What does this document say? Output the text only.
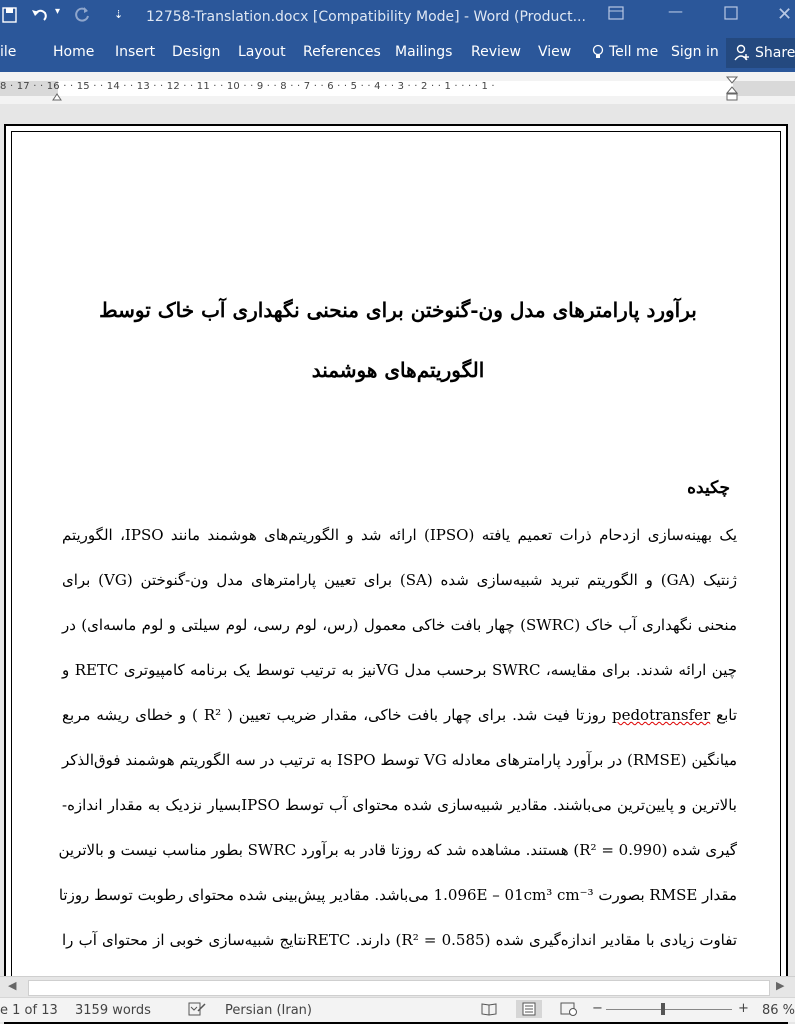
▾	⇣ 12758-Translation.docx [Compatibility Mode] - Word (Product...	—	✕
ile	Home Insert Design Layout References Mailings Review View	Tell me Sign in	Share
8 · 17 · · 16 · · 15 · · 14 · · 13 · · 12 · · 11 · · 10 · · 9 · · 8 · · 7 · · 6 · · 5 · · 4 · · 3 · · 2 · · 1 · · · · 1 ·
برآورد پارامترهای مدل ون-گنوختن برای منحنی نگهداری آب خاک توسط
الگوریتم‌های هوشمند
چکیده
یک بهینه‌سازی ازدحام ذرات تعمیم یافته (IPSO) ارائه شد و الگوریتم‌های هوشمند مانند IPSO، الگوریتم
ژنتیک (GA) و الگوریتم تبرید شبیه‌سازی شده (SA) برای تعیین پارامترهای مدل ون-گنوختن (VG) برای
منحنی نگهداری آب خاک (SWRC) چهار بافت خاکی معمول (رس، لوم رسی، لوم سیلتی و لوم ماسه‌ای) در
چین ارائه شدند. برای مقایسه، SWRC برحسب مدل VGنیز به ترتیب توسط یک برنامه کامپیوتری RETC و
تابع pedotransfer روزتا فیت شد. برای چهار بافت خاکی، مقدار ضریب تعیین ( R² ) و خطای ریشه مربع
میانگین (RMSE) در برآورد پارامترهای معادله VG توسط ISPO به ترتیب در سه الگوریتم هوشمند فوق‌الذکر
بالاترین و پایین‌ترین می‌باشند. مقادیر شبیه‌سازی شده محتوای آب توسط IPSOبسیار نزدیک به مقدار اندازه-
گیری شده (R² = 0.990) هستند. مشاهده شد که روزتا قادر به برآورد SWRC بطور مناسب نیست و بالاترین
مقدار RMSE بصورت 1.096E – 01cm³ cm⁻³ می‌باشد. مقادیر پیش‌بینی شده محتوای رطوبت توسط روزتا
تفاوت زیادی با مقادیر اندازه‌گیری شده (R² = 0.585) دارند. RETCنتایج شبیه‌سازی خوبی از محتوای آب را
◀	▶
e 1 of 13 3159 words	Persian (Iran)	−	+ 86 %
